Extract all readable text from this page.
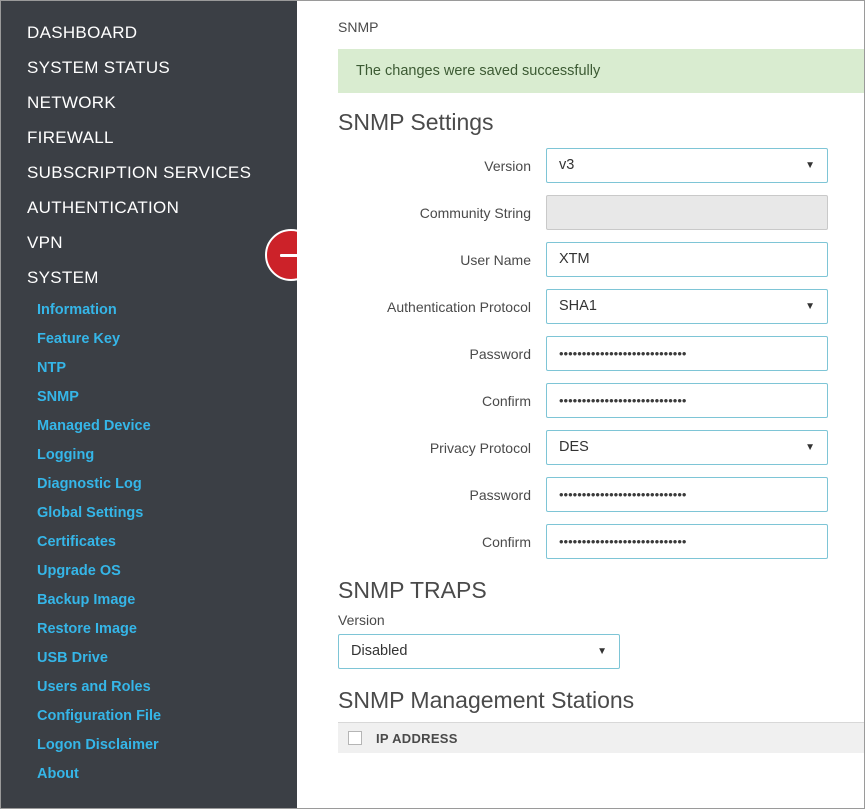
DASHBOARD
SYSTEM STATUS
NETWORK
FIREWALL
SUBSCRIPTION SERVICES
AUTHENTICATION
VPN
SYSTEM
Information
Feature Key
NTP
SNMP
Managed Device
Logging
Diagnostic Log
Global Settings
Certificates
Upgrade OS
Backup Image
Restore Image
USB Drive
Users and Roles
Configuration File
Logon Disclaimer
About
SNMP
The changes were saved successfully
SNMP Settings
Version	v3 ▼
Community String
User Name	XTM
Authentication Protocol	SHA1 ▼
Password	••••••••••••••••••••••••••••
Confirm	••••••••••••••••••••••••••••
Privacy Protocol	DES ▼
Password	••••••••••••••••••••••••••••
Confirm	••••••••••••••••••••••••••••
SNMP TRAPS
Version
Disabled ▼
SNMP Management Stations
IP ADDRESS
